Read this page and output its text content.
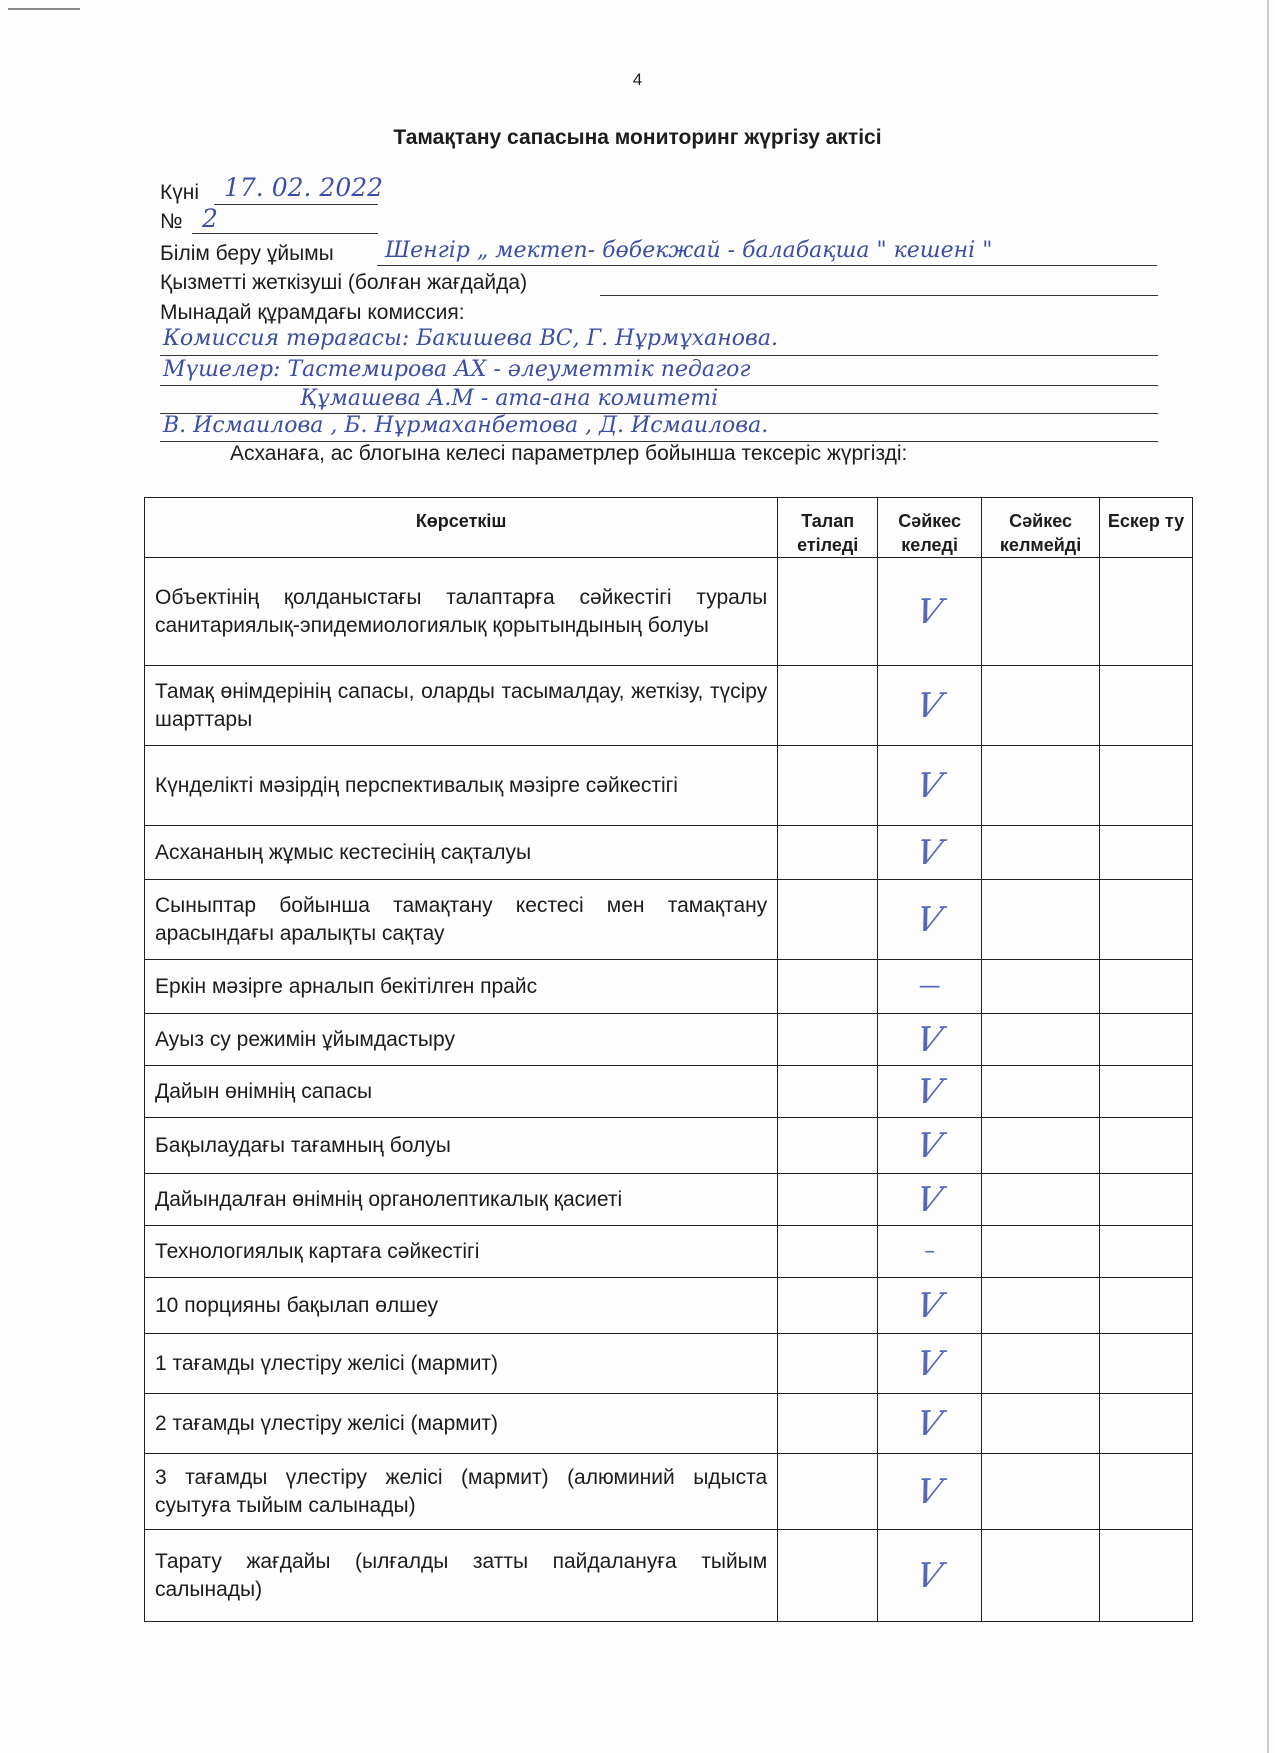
4
Тамақтану сапасына мониторинг жүргізу актісі
Күні 17. 02. 2022
№ 2
Білім беру ұйымы Шенгір „ мектеп- бөбекжай - балабақша " кешені "
Қызметті жеткізуші (болған жағдайда)
Мынадай құрамдағы комиссия:
Комиссия төрағасы: Бакишева ВС, Г. Нұрмұханова.
Мүшелер: Тастемирова АХ - әлеуметтік педагог
Құмашева А.М - ата-ана комитеті
В. Исмаилова , Б. Нұрмаханбетова , Д. Исмаилова.
Асханаға, ас блогына келесі параметрлер бойынша тексеріс жүргізді:
Көрсеткіш	Талап етіледі	Сәйкес келеді	Сәйкес келмейді	Ескер ту
Объектінің қолданыстағы талаптарға сәйкестігі туралы санитариялық-эпидемиологиялық қорытындының болуы		V		
Тамақ өнімдерінің сапасы, оларды тасымалдау, жеткізу, түсіру шарттары		V		
Күнделікті мәзірдің перспективалық мәзірге сәйкестігі		V		
Асхананың жұмыс кестесінің сақталуы		V		
Сыныптар бойынша тамақтану кестесі мен тамақтану арасындағы аралықты сақтау		V		
Еркін мәзірге арналып бекітілген прайс		—		
Ауыз су режимін ұйымдастыру		V		
Дайын өнімнің сапасы		V		
Бақылаудағы тағамның болуы		V		
Дайындалған өнімнің органолептикалық қасиеті		V		
Технологиялық картаға сәйкестігі		–		
10 порцияны бақылап өлшеу		V		
1 тағамды үлестіру желісі (мармит)		V		
2 тағамды үлестіру желісі (мармит)		V		
3 тағамды үлестіру желісі (мармит) (алюминий ыдыста суытуға тыйым салынады)		V		
Тарату жағдайы (ылғалды затты пайдалануға тыйым салынады)		V		
